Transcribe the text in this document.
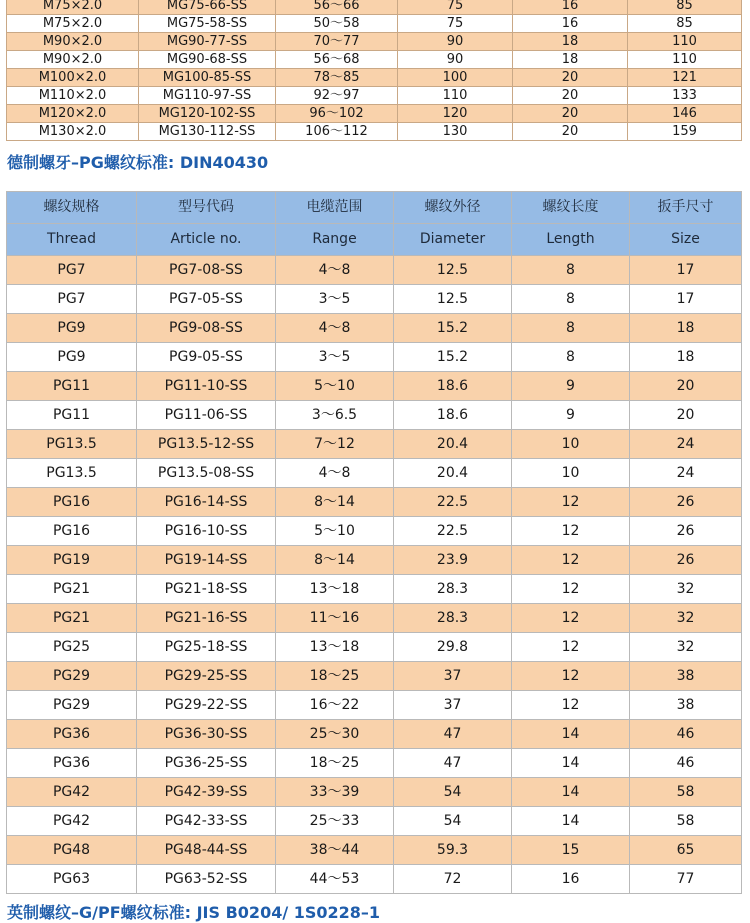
M75×2.0	MG75-66-SS	56～66	75	16	85
M75×2.0	MG75-58-SS	50～58	75	16	85
M90×2.0	MG90-77-SS	70～77	90	18	110
M90×2.0	MG90-68-SS	56～68	90	18	110
M100×2.0	MG100-85-SS	78～85	100	20	121
M110×2.0	MG110-97-SS	92～97	110	20	133
M120×2.0	MG120-102-SS	96～102	120	20	146
M130×2.0	MG130-112-SS	106～112	130	20	159
德制螺牙–PG螺纹标准: DIN40430
螺纹规格	型号代码	电缆范围	螺纹外径	螺纹长度	扳手尺寸
Thread	Article no.	Range	Diameter	Length	Size
PG7	PG7-08-SS	4～8	12.5	8	17
PG7	PG7-05-SS	3～5	12.5	8	17
PG9	PG9-08-SS	4～8	15.2	8	18
PG9	PG9-05-SS	3～5	15.2	8	18
PG11	PG11-10-SS	5～10	18.6	9	20
PG11	PG11-06-SS	3～6.5	18.6	9	20
PG13.5	PG13.5-12-SS	7～12	20.4	10	24
PG13.5	PG13.5-08-SS	4～8	20.4	10	24
PG16	PG16-14-SS	8～14	22.5	12	26
PG16	PG16-10-SS	5～10	22.5	12	26
PG19	PG19-14-SS	8～14	23.9	12	26
PG21	PG21-18-SS	13～18	28.3	12	32
PG21	PG21-16-SS	11～16	28.3	12	32
PG25	PG25-18-SS	13～18	29.8	12	32
PG29	PG29-25-SS	18～25	37	12	38
PG29	PG29-22-SS	16～22	37	12	38
PG36	PG36-30-SS	25～30	47	14	46
PG36	PG36-25-SS	18～25	47	14	46
PG42	PG42-39-SS	33～39	54	14	58
PG42	PG42-33-SS	25～33	54	14	58
PG48	PG48-44-SS	38～44	59.3	15	65
PG63	PG63-52-SS	44～53	72	16	77
英制螺纹–G/PF螺纹标准: JIS B0204/ 1S0228–1
